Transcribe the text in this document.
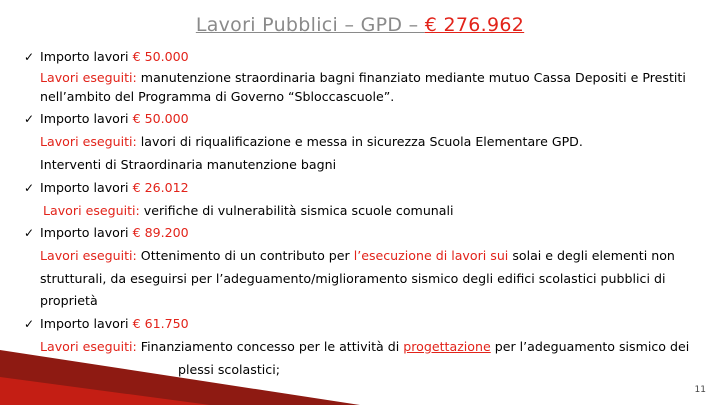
Lavori Pubblici – GPD – € 276.962
✓ Importo lavori € 50.000
Lavori eseguiti: manutenzione straordinaria bagni finanziato mediante mutuo Cassa Depositi e Prestiti
nell’ambito del Programma di Governo “Sbloccascuole”.
✓ Importo lavori € 50.000
Lavori eseguiti: lavori di riqualificazione e messa in sicurezza Scuola Elementare GPD.
Interventi di Straordinaria manutenzione bagni
✓ Importo lavori € 26.012
Lavori eseguiti: verifiche di vulnerabilità sismica scuole comunali
✓ Importo lavori € 89.200
Lavori eseguiti: Ottenimento di un contributo per l’esecuzione di lavori sui solai e degli elementi non
strutturali, da eseguirsi per l’adeguamento/miglioramento sismico degli edifici scolastici pubblici di
proprietà
✓ Importo lavori € 61.750
Lavori eseguiti: Finanziamento concesso per le attività di progettazione per l’adeguamento sismico dei
plessi scolastici;
11
